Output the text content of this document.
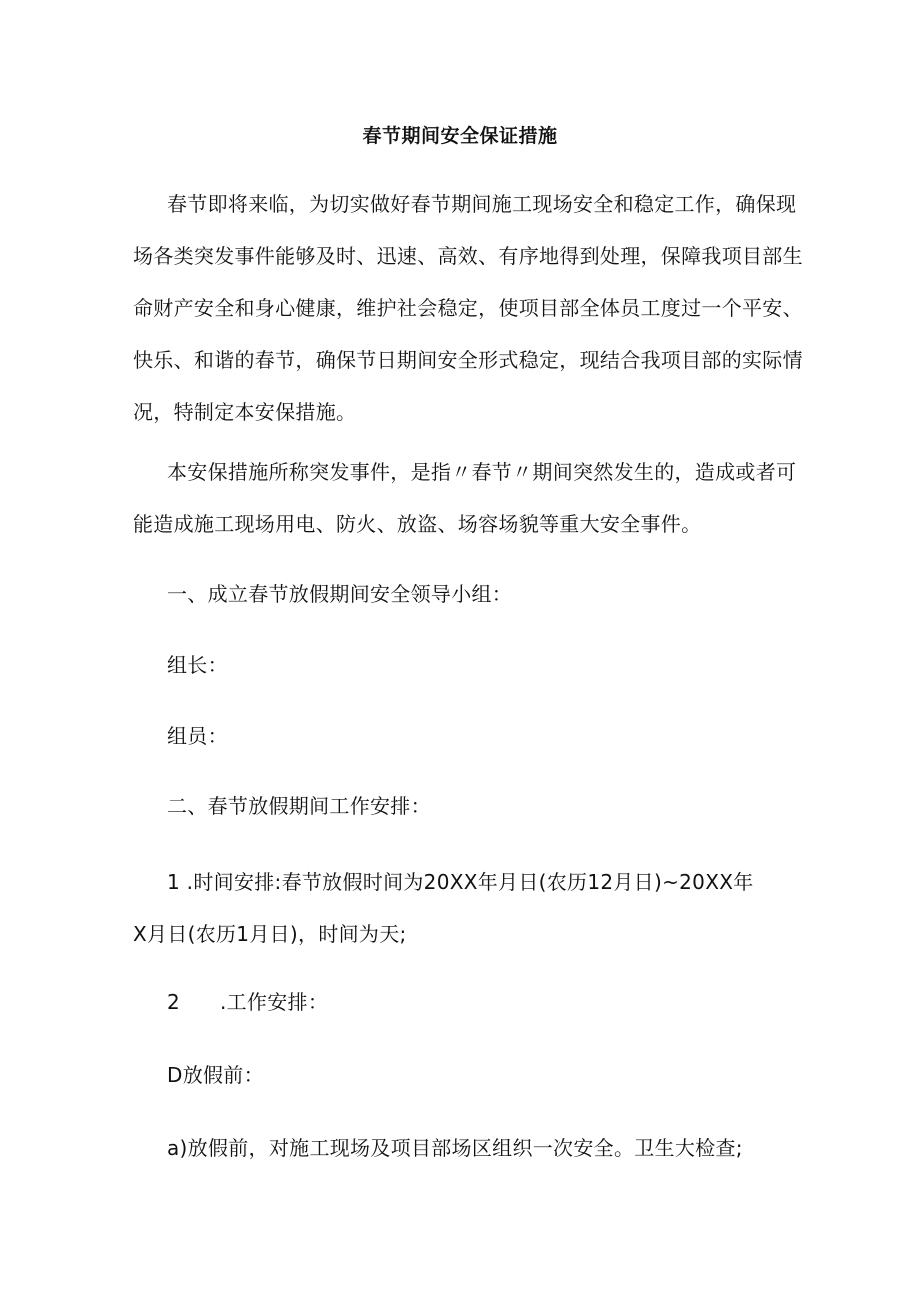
春节期间安全保证措施
春节即将来临，为切实做好春节期间施工现场安全和稳定工作，确保现
场各类突发事件能够及时、迅速、高效、有序地得到处理，保障我项目部生
命财产安全和身心健康，维护社会稳定，使项目部全体员工度过一个平安、
快乐、和谐的春节，确保节日期间安全形式稳定，现结合我项目部的实际情
况，特制定本安保措施。
本安保措施所称突发事件，是指〃春节〃期间突然发生的，造成或者可
能造成施工现场用电、防火、放盗、场容场貌等重大安全事件。
一、成立春节放假期间安全领导小组：
组长：
组员：
二、春节放假期间工作安排：
1 .时间安排:春节放假时间为20XX年月日(农历12月日)~20XX年
X月日(农历1月日)，时间为天;
2      .工作安排：
D放假前：
a)放假前，对施工现场及项目部场区组织一次安全。卫生大检查;
